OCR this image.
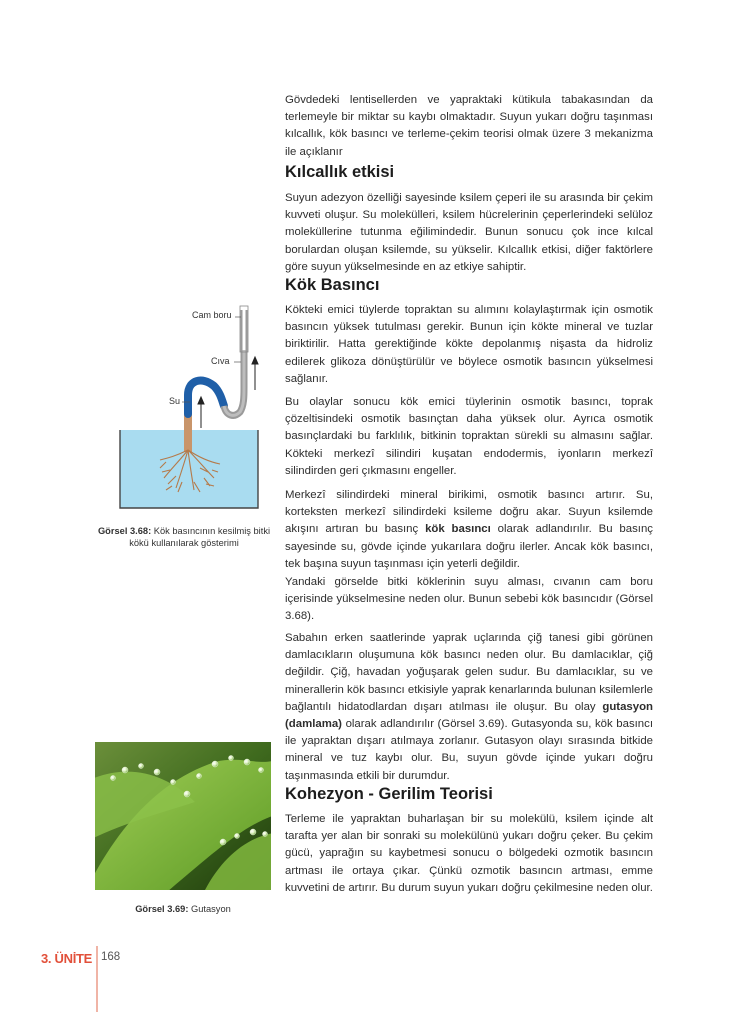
Gövdedeki lentisellerden ve yapraktaki kütikula tabakasından da terlemeyle bir miktar su kaybı olmaktadır. Suyun yukarı doğru taşınması kılcallık, kök basıncı ve terleme-çekim teorisi olmak üzere 3 mekanizma ile açıklanır

Kılcallık etkisi

Suyun adezyon özelliği sayesinde ksilem çeperi ile su arasında bir çekim kuvveti oluşur. Su molekülleri, ksilem hücrelerinin çeperlerindeki selüloz moleküllerine tutunma eğilimindedir. Bunun sonucu çok ince kılcal borulardan oluşan ksilemde, su yükselir. Kılcallık etkisi, diğer faktörlere göre suyun yükselmesinde en az etkiye sahiptir.

Kök Basıncı

Kökteki emici tüylerde topraktan su alımını kolaylaştırmak için osmotik basıncın yüksek tutulması gerekir. Bunun için kökte mineral ve tuzlar biriktirilir. Hatta gerektiğinde kökte depolanmış nişasta da hidroliz edilerek glikoza dönüştürülür ve böylece osmotik basıncın yükselmesi sağlanır.

Bu olaylar sonucu kök emici tüylerinin osmotik basıncı, toprak çözeltisindeki osmotik basınçtan daha yüksek olur. Ayrıca osmotik basınçlardaki bu farklılık, bitkinin topraktan sürekli su almasını sağlar. Kökteki merkezî silindiri kuşatan endodermis, iyonların merkezî silindirden geri çıkmasını engeller.

Merkezî silindirdeki mineral birikimi, osmotik basıncı artırır. Su, korteksten merkezî silindirdeki ksileme doğru akar. Suyun ksilemde akışını artıran bu basınç kök basıncı olarak adlandırılır. Bu basınç sayesinde su, gövde içinde yukarılara doğru ilerler. Ancak kök basıncı, tek başına suyun taşınması için yeterli değildir.

Yandaki görselde bitki köklerinin suyu alması, cıvanın cam boru içerisinde yükselmesine neden olur. Bunun sebebi kök basıncıdır (Görsel 3.68).

Sabahın erken saatlerinde yaprak uçlarında çiğ tanesi gibi görünen damlacıkların oluşumuna kök basıncı neden olur. Bu damlacıklar, çiğ değildir. Çiğ, havadan yoğuşarak gelen sudur. Bu damlacıklar, su ve minerallerin kök basıncı etkisiyle yaprak kenarlarında bulunan ksilemlerle bağlantılı hidatodlardan dışarı atılması ile oluşur. Bu olay gutasyon (damlama) olarak adlandırılır (Görsel 3.69). Gutasyonda su, kök basıncı ile yapraktan dışarı atılmaya zorlanır. Gutasyon olayı sırasında bitkide mineral ve tuz kaybı olur. Bu, suyun gövde içinde yukarı doğru taşınmasında etkili bir durumdur.

Kohezyon - Gerilim Teorisi

Terleme ile yapraktan buharlaşan bir su molekülü, ksilem içinde alt tarafta yer alan bir sonraki su molekülünü yukarı doğru çeker. Bu çekim gücü, yaprağın su kaybetmesi sonucu o bölgedeki ozmotik basıncın artması ile ortaya çıkar. Çünkü ozmotik basıncın artması, emme kuvvetini de artırır. Bu durum suyun yukarı doğru çekilmesine neden olur.

Cam boru
Cıva
Su
Görsel 3.68: Kök basıncının kesilmiş bitki kökü kullanılarak gösterimi
Görsel 3.69: Gutasyon
3. ÜNİTE 168
